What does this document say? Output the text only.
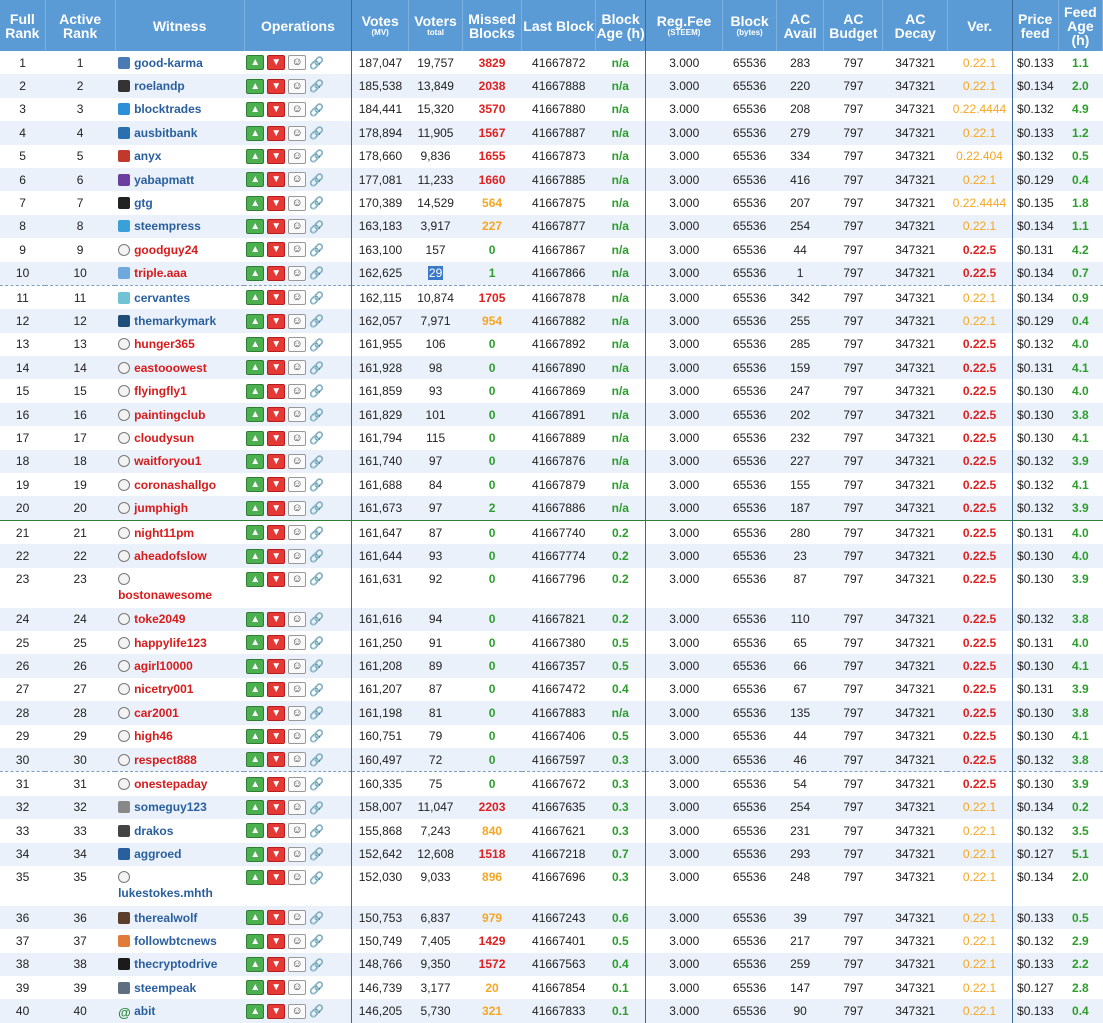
Full Rank	Active Rank	Witness	Operations	Votes
(MV)	Voters
total	Missed Blocks	Last Block	Block Age (h)	Reg.Fee
(STEEM)	Block
(bytes)	AC Avail	AC Budget	AC Decay	Ver.	Price feed	Feed Age (h)
1	1	good-karma	▲▼☺🔗	187,047	19,757	3829	41667872	n/a	3.000	65536	283	797	347321	0.22.1	$0.133	1.1
2	2	roelandp	▲▼☺🔗	185,538	13,849	2038	41667888	n/a	3.000	65536	220	797	347321	0.22.1	$0.134	2.0
3	3	blocktrades	▲▼☺🔗	184,441	15,320	3570	41667880	n/a	3.000	65536	208	797	347321	0.22.4444	$0.132	4.9
4	4	ausbitbank	▲▼☺🔗	178,894	11,905	1567	41667887	n/a	3.000	65536	279	797	347321	0.22.1	$0.133	1.2
5	5	anyx	▲▼☺🔗	178,660	9,836	1655	41667873	n/a	3.000	65536	334	797	347321	0.22.404	$0.132	0.5
6	6	yabapmatt	▲▼☺🔗	177,081	11,233	1660	41667885	n/a	3.000	65536	416	797	347321	0.22.1	$0.129	0.4
7	7	gtg	▲▼☺🔗	170,389	14,529	564	41667875	n/a	3.000	65536	207	797	347321	0.22.4444	$0.135	1.8
8	8	steempress	▲▼☺🔗	163,183	3,917	227	41667877	n/a	3.000	65536	254	797	347321	0.22.1	$0.134	1.1
9	9	goodguy24	▲▼☺🔗	163,100	157	0	41667867	n/a	3.000	65536	44	797	347321	0.22.5	$0.131	4.2
10	10	triple.aaa	▲▼☺🔗	162,625	29	1	41667866	n/a	3.000	65536	1	797	347321	0.22.5	$0.134	0.7
11	11	cervantes	▲▼☺🔗	162,115	10,874	1705	41667878	n/a	3.000	65536	342	797	347321	0.22.1	$0.134	0.9
12	12	themarkymark	▲▼☺🔗	162,057	7,971	954	41667882	n/a	3.000	65536	255	797	347321	0.22.1	$0.129	0.4
13	13	hunger365	▲▼☺🔗	161,955	106	0	41667892	n/a	3.000	65536	285	797	347321	0.22.5	$0.132	4.0
14	14	eastooowest	▲▼☺🔗	161,928	98	0	41667890	n/a	3.000	65536	159	797	347321	0.22.5	$0.131	4.1
15	15	flyingfly1	▲▼☺🔗	161,859	93	0	41667869	n/a	3.000	65536	247	797	347321	0.22.5	$0.130	4.0
16	16	paintingclub	▲▼☺🔗	161,829	101	0	41667891	n/a	3.000	65536	202	797	347321	0.22.5	$0.130	3.8
17	17	cloudysun	▲▼☺🔗	161,794	115	0	41667889	n/a	3.000	65536	232	797	347321	0.22.5	$0.130	4.1
18	18	waitforyou1	▲▼☺🔗	161,740	97	0	41667876	n/a	3.000	65536	227	797	347321	0.22.5	$0.132	3.9
19	19	coronashallgo	▲▼☺🔗	161,688	84	0	41667879	n/a	3.000	65536	155	797	347321	0.22.5	$0.132	4.1
20	20	jumphigh	▲▼☺🔗	161,673	97	2	41667886	n/a	3.000	65536	187	797	347321	0.22.5	$0.132	3.9
21	21	night11pm	▲▼☺🔗	161,647	87	0	41667740	0.2	3.000	65536	280	797	347321	0.22.5	$0.131	4.0
22	22	aheadofslow	▲▼☺🔗	161,644	93	0	41667774	0.2	3.000	65536	23	797	347321	0.22.5	$0.130	4.0
23	23	bostonawesome
	▲▼☺🔗	161,631	92	0	41667796	0.2	3.000	65536	87	797	347321	0.22.5	$0.130	3.9
24	24	toke2049	▲▼☺🔗	161,616	94	0	41667821	0.2	3.000	65536	110	797	347321	0.22.5	$0.132	3.8
25	25	happylife123	▲▼☺🔗	161,250	91	0	41667380	0.5	3.000	65536	65	797	347321	0.22.5	$0.131	4.0
26	26	agirl10000	▲▼☺🔗	161,208	89	0	41667357	0.5	3.000	65536	66	797	347321	0.22.5	$0.130	4.1
27	27	nicetry001	▲▼☺🔗	161,207	87	0	41667472	0.4	3.000	65536	67	797	347321	0.22.5	$0.131	3.9
28	28	car2001	▲▼☺🔗	161,198	81	0	41667883	n/a	3.000	65536	135	797	347321	0.22.5	$0.130	3.8
29	29	high46	▲▼☺🔗	160,751	79	0	41667406	0.5	3.000	65536	44	797	347321	0.22.5	$0.130	4.1
30	30	respect888	▲▼☺🔗	160,497	72	0	41667597	0.3	3.000	65536	46	797	347321	0.22.5	$0.132	3.8
31	31	onestepaday	▲▼☺🔗	160,335	75	0	41667672	0.3	3.000	65536	54	797	347321	0.22.5	$0.130	3.9
32	32	someguy123	▲▼☺🔗	158,007	11,047	2203	41667635	0.3	3.000	65536	254	797	347321	0.22.1	$0.134	0.2
33	33	drakos	▲▼☺🔗	155,868	7,243	840	41667621	0.3	3.000	65536	231	797	347321	0.22.1	$0.132	3.5
34	34	aggroed	▲▼☺🔗	152,642	12,608	1518	41667218	0.7	3.000	65536	293	797	347321	0.22.1	$0.127	5.1
35	35	lukestokes.mhth
	▲▼☺🔗	152,030	9,033	896	41667696	0.3	3.000	65536	248	797	347321	0.22.1	$0.134	2.0
36	36	therealwolf	▲▼☺🔗	150,753	6,837	979	41667243	0.6	3.000	65536	39	797	347321	0.22.1	$0.133	0.5
37	37	followbtcnews	▲▼☺🔗	150,749	7,405	1429	41667401	0.5	3.000	65536	217	797	347321	0.22.1	$0.132	2.9
38	38	thecryptodrive	▲▼☺🔗	148,766	9,350	1572	41667563	0.4	3.000	65536	259	797	347321	0.22.1	$0.133	2.2
39	39	steempeak	▲▼☺🔗	146,739	3,177	20	41667854	0.1	3.000	65536	147	797	347321	0.22.1	$0.127	2.8
40	40	@ abit	▲▼☺🔗	146,205	5,730	321	41667833	0.1	3.000	65536	90	797	347321	0.22.1	$0.133	0.4
